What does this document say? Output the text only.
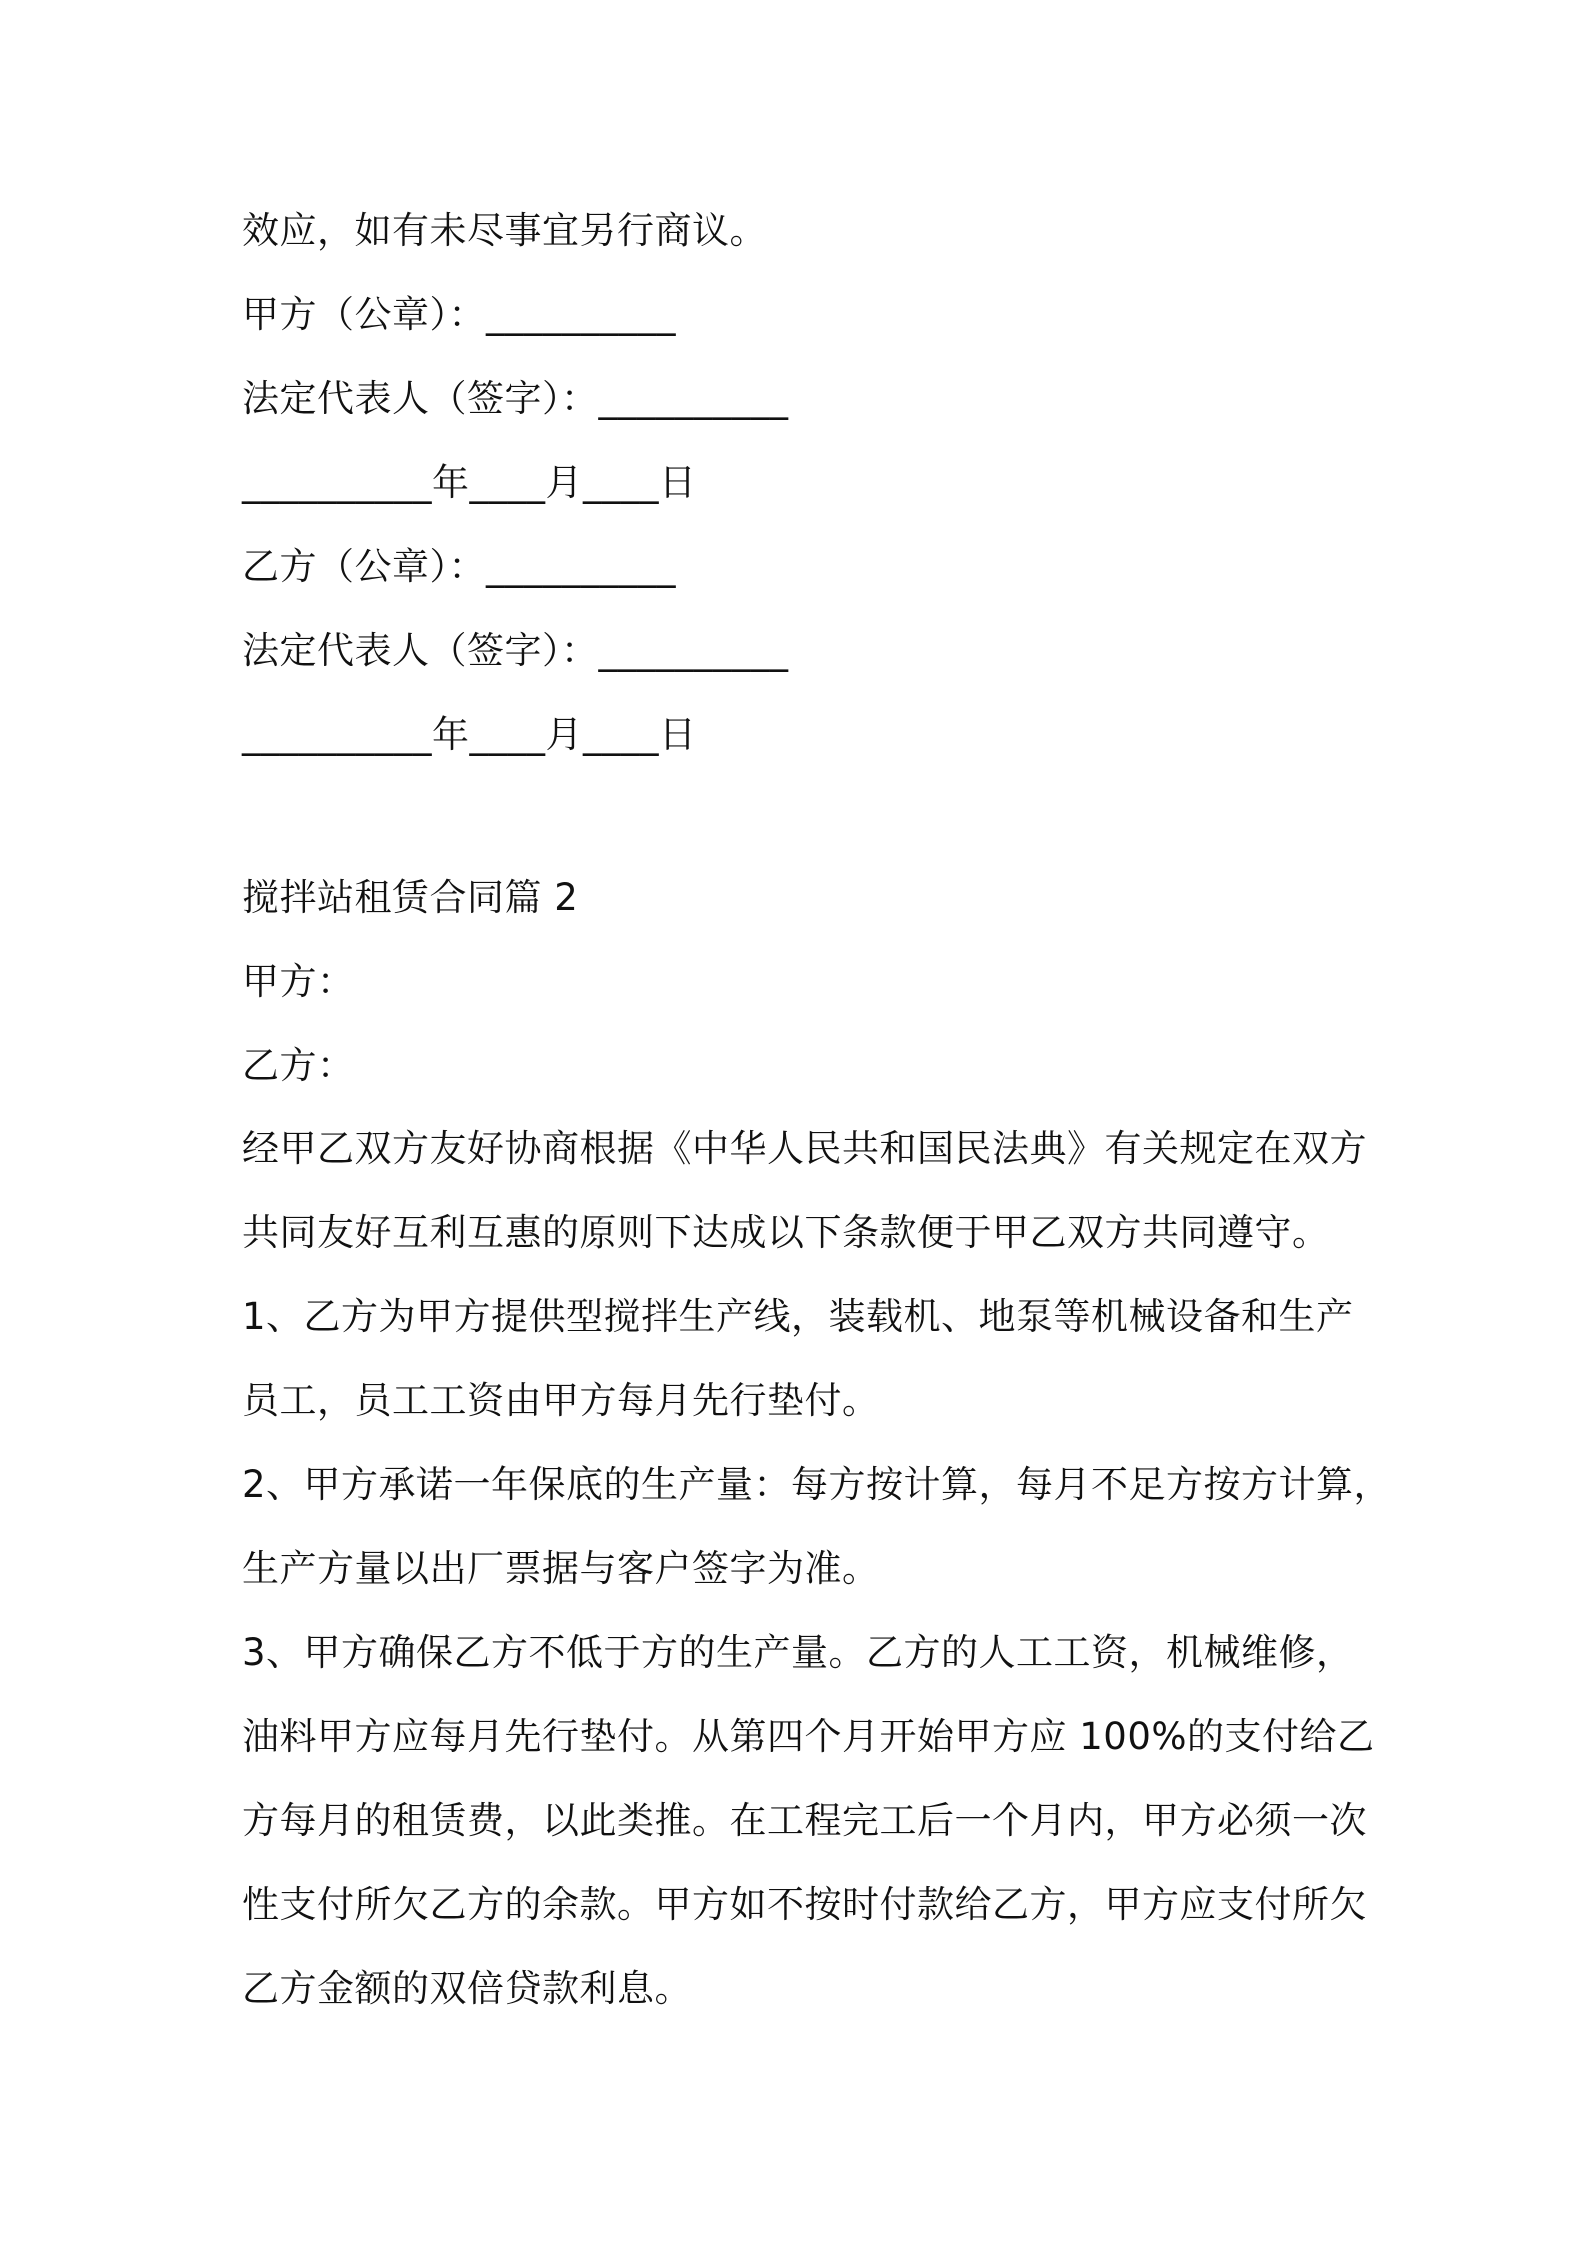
效应，如有未尽事宜另行商议。
甲方（公章）：__________
法定代表人（签字）：__________
__________年____月____日
乙方（公章）：__________
法定代表人（签字）：__________
__________年____月____日
搅拌站租赁合同篇 2
甲方：
乙方：
经甲乙双方友好协商根据《中华人民共和国民法典》有关规定在双方
共同友好互利互惠的原则下达成以下条款便于甲乙双方共同遵守。
1、乙方为甲方提供型搅拌生产线，装载机、地泵等机械设备和生产
员工，员工工资由甲方每月先行垫付。
2、甲方承诺一年保底的生产量：每方按计算，每月不足方按方计算，
生产方量以出厂票据与客户签字为准。
3、甲方确保乙方不低于方的生产量。乙方的人工工资，机械维修，
油料甲方应每月先行垫付。从第四个月开始甲方应 100%的支付给乙
方每月的租赁费，以此类推。在工程完工后一个月内，甲方必须一次
性支付所欠乙方的余款。甲方如不按时付款给乙方，甲方应支付所欠
乙方金额的双倍贷款利息。
